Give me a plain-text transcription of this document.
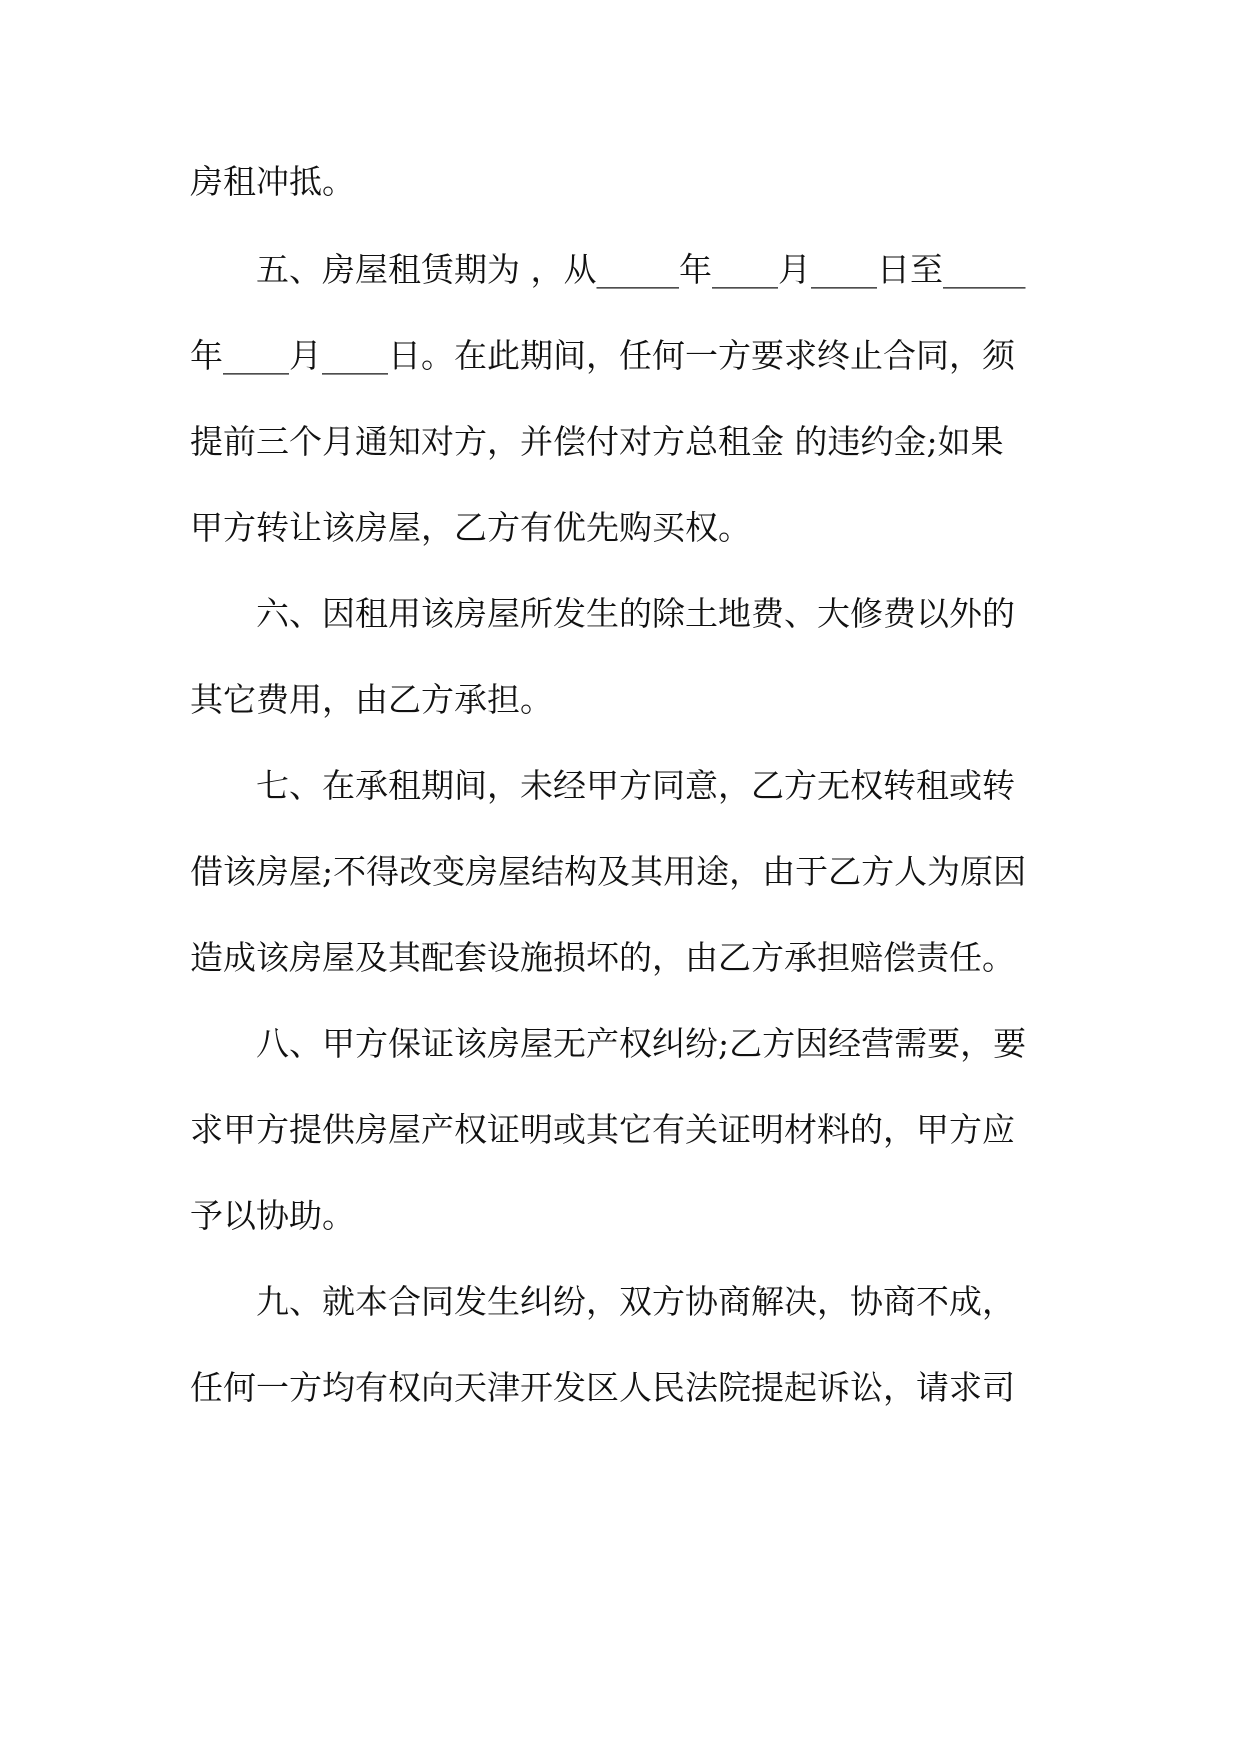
房租冲抵。
五、房屋租赁期为 ，从_____年____月____日至_____
年____月____日。在此期间，任何一方要求终止合同，须
提前三个月通知对方，并偿付对方总租金 的违约金;如果
甲方转让该房屋，乙方有优先购买权。
六、因租用该房屋所发生的除土地费、大修费以外的
其它费用，由乙方承担。
七、在承租期间，未经甲方同意，乙方无权转租或转
借该房屋;不得改变房屋结构及其用途，由于乙方人为原因
造成该房屋及其配套设施损坏的，由乙方承担赔偿责任。
八、甲方保证该房屋无产权纠纷;乙方因经营需要，要
求甲方提供房屋产权证明或其它有关证明材料的，甲方应
予以协助。
九、就本合同发生纠纷，双方协商解决，协商不成，
任何一方均有权向天津开发区人民法院提起诉讼，请求司
